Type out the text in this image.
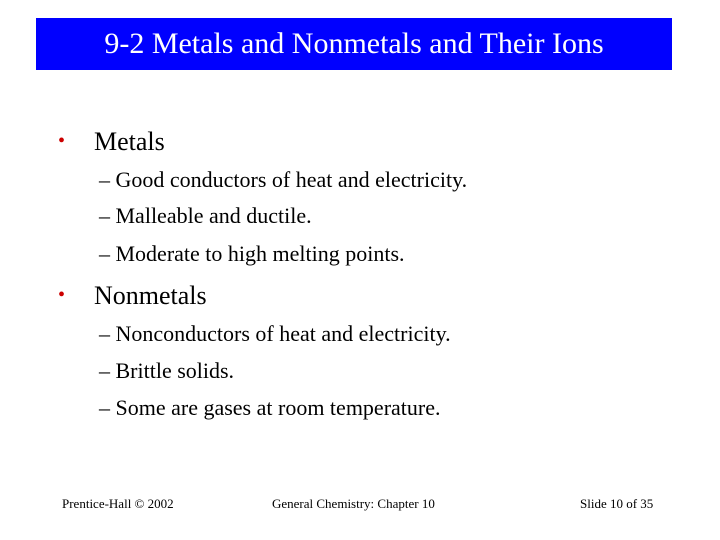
9-2 Metals and Nonmetals and Their Ions
• Metals
– Good conductors of heat and electricity.
– Malleable and ductile.
– Moderate to high melting points.
• Nonmetals
– Nonconductors of heat and electricity.
– Brittle solids.
– Some are gases at room temperature.
Prentice-Hall © 2002	General Chemistry: Chapter 10	Slide 10 of 35
